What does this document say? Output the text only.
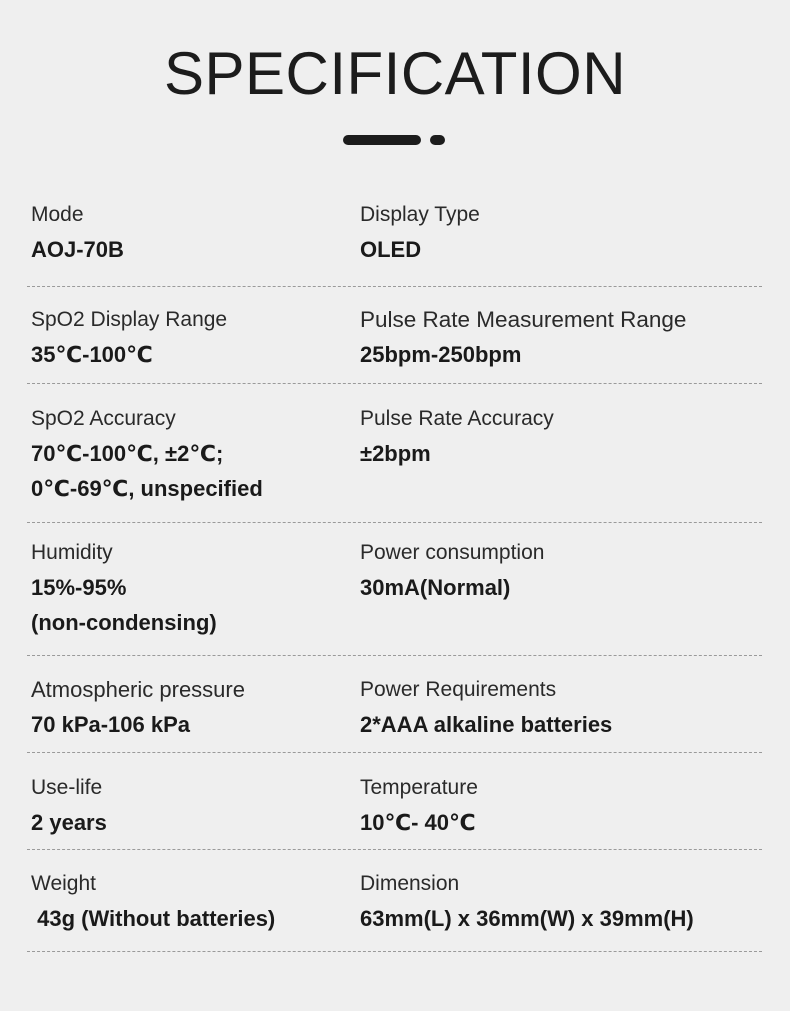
SPECIFICATION
Mode
AOJ-70B
Display Type
OLED
SpO2 Display Range
35℃-100℃
Pulse Rate Measurement Range
25bpm-250bpm
SpO2 Accuracy
70℃-100℃, ±2℃;
0℃-69℃, unspecified
Pulse Rate Accuracy
±2bpm
Humidity
15%-95%
(non-condensing)
Power consumption
30mA(Normal)
Atmospheric pressure
70 kPa-106 kPa
Power Requirements
2*AAA alkaline batteries
Use-life
2 years
Temperature
10℃- 40℃
Weight
43g (Without batteries)
Dimension
63mm(L) x 36mm(W) x 39mm(H)
